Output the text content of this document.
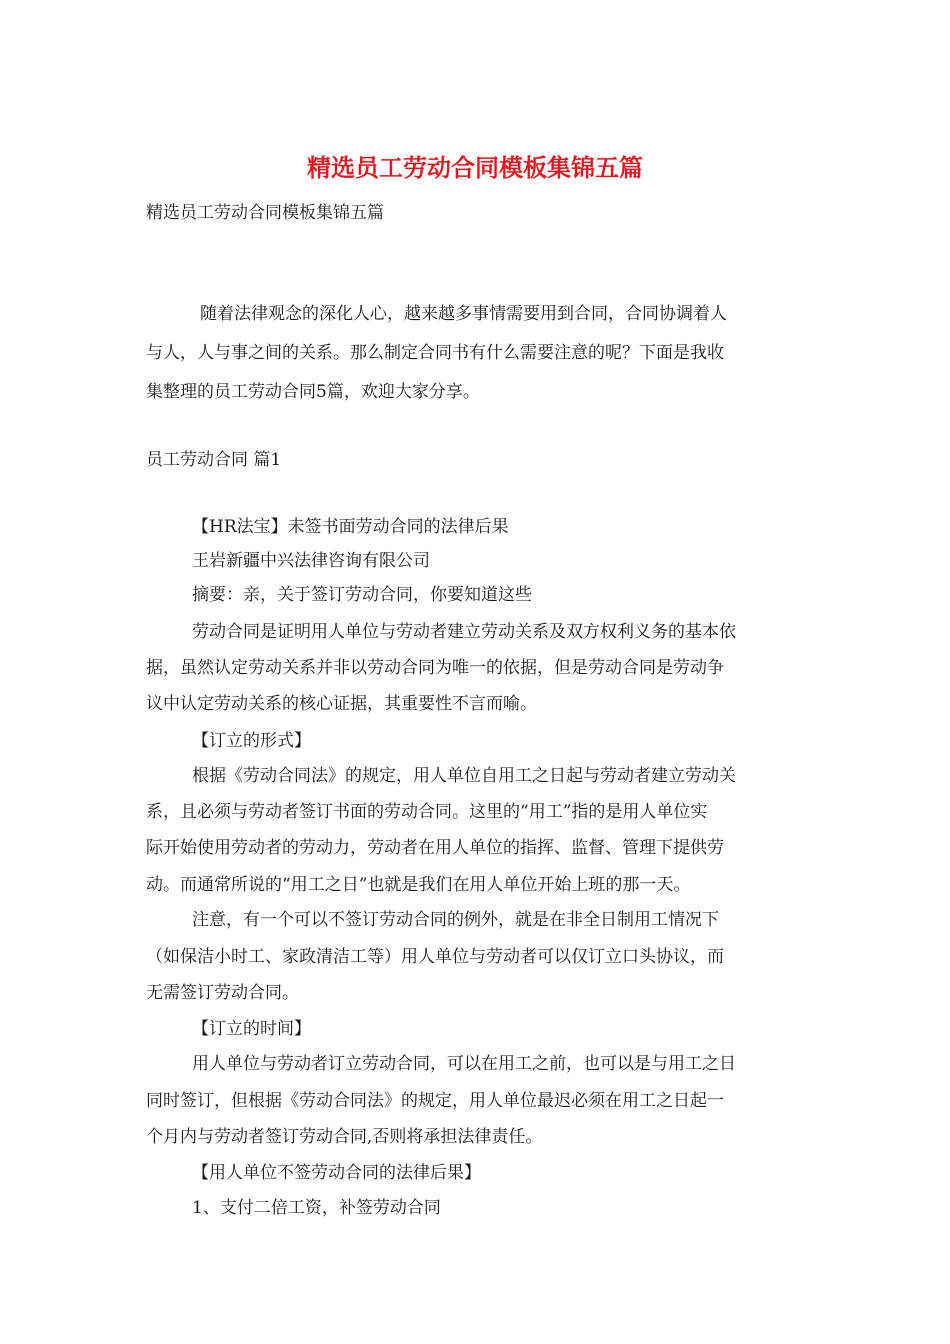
精选员工劳动合同模板集锦五篇
精选员工劳动合同模板集锦五篇
随着法律观念的深化人心，越来越多事情需要用到合同，合同协调着人
与人，人与事之间的关系。那么制定合同书有什么需要注意的呢？下面是我收
集整理的员工劳动合同5篇，欢迎大家分享。
员工劳动合同 篇1
【HR法宝】未签书面劳动合同的法律后果
王岩新疆中兴法律咨询有限公司
摘要：亲，关于签订劳动合同，你要知道这些
劳动合同是证明用人单位与劳动者建立劳动关系及双方权利义务的基本依
据，虽然认定劳动关系并非以劳动合同为唯一的依据，但是劳动合同是劳动争
议中认定劳动关系的核心证据，其重要性不言而喻。
【订立的形式】
根据《劳动合同法》的规定，用人单位自用工之日起与劳动者建立劳动关
系，且必须与劳动者签订书面的劳动合同。这里的“用工”指的是用人单位实
际开始使用劳动者的劳动力，劳动者在用人单位的指挥、监督、管理下提供劳
动。而通常所说的“用工之日”也就是我们在用人单位开始上班的那一天。
注意，有一个可以不签订劳动合同的例外，就是在非全日制用工情况下
（如保洁小时工、家政清洁工等）用人单位与劳动者可以仅订立口头协议，而
无需签订劳动合同。
【订立的时间】
用人单位与劳动者订立劳动合同，可以在用工之前，也可以是与用工之日
同时签订，但根据《劳动合同法》的规定，用人单位最迟必须在用工之日起一
个月内与劳动者签订劳动合同,否则将承担法律责任。
【用人单位不签劳动合同的法律后果】
1、支付二倍工资，补签劳动合同
